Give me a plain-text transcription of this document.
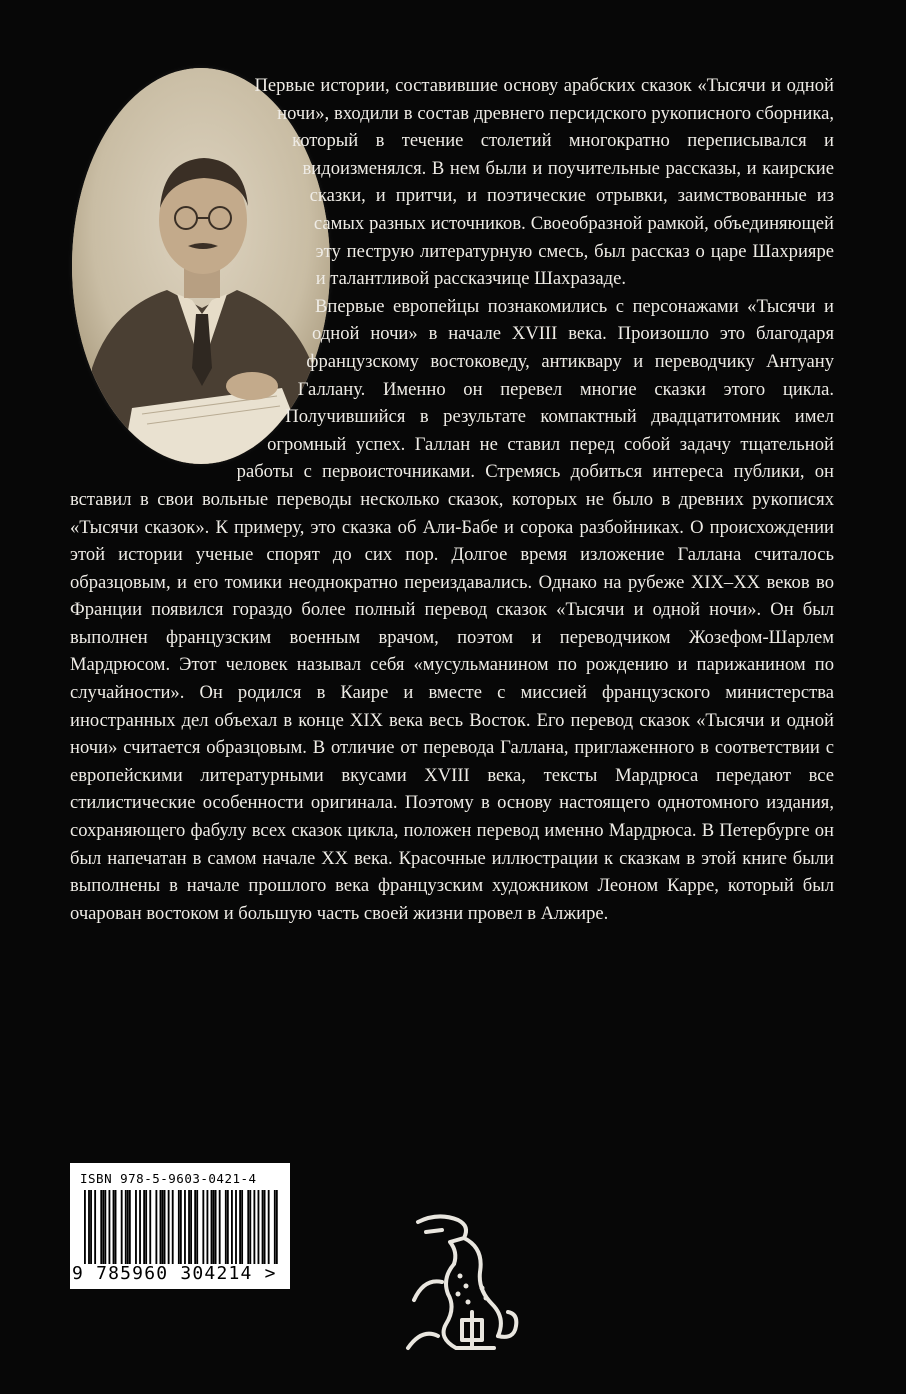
Первые истории, составившие основу арабских сказок «Тысячи и одной ночи», входили в состав древнего персидского рукописного сборника, который в течение столетий многократно переписывался и видоизменялся. В нем были и поучительные рассказы, и каирские сказки, и притчи, и поэтические отрывки, заимствованные из самых разных источников. Своеобразной рамкой, объединяющей эту пеструю литературную смесь, был рассказ о царе Шахрияре и талантливой рассказчице Шахразаде.

Впервые европейцы познакомились с персонажами «Тысячи и одной ночи» в начале XVIII века. Произошло это благодаря французскому востоковеду, антиквару и переводчику Антуану Галлану. Именно он перевел многие сказки этого цикла. Получившийся в результате компактный двадцатитомник имел огромный успех. Галлан не ставил перед собой задачу тщательной работы с первоисточниками. Стремясь добиться интереса публики, он вставил в свои вольные переводы несколько сказок, которых не было в древних рукописях «Тысячи сказок». К примеру, это сказка об Али-Бабе и сорока разбойниках. О происхождении этой истории ученые спорят до сих пор. Долгое время изложение Галлана считалось образцовым, и его томики неоднократно переиздавались. Однако на рубеже XIX–XX веков во Франции появился гораздо более полный перевод сказок «Тысячи и одной ночи». Он был выполнен французским военным врачом, поэтом и переводчиком Жозефом-Шарлем Мардрюсом. Этот человек называл себя «мусульманином по рождению и парижанином по случайности». Он родился в Каире и вместе с миссией французского министерства иностранных дел объехал в конце XIX века весь Восток. Его перевод сказок «Тысячи и одной ночи» считается образцовым. В отличие от перевода Галлана, приглаженного в соответствии с европейскими литературными вкусами XVIII века, тексты Мардрюса передают все стилистические особенности оригинала. Поэтому в основу настоящего однотомного издания, сохраняющего фабулу всех сказок цикла, положен перевод именно Мардрюса. В Петербурге он был напечатан в самом начале XX века. Красочные иллюстрации к сказкам в этой книге были выполнены в начале прошлого века французским художником Леоном Карре, который был очарован востоком и большую часть своей жизни провел в Алжире.

ISBN 978-5-9603-0421-4
9 785960 304214 >
